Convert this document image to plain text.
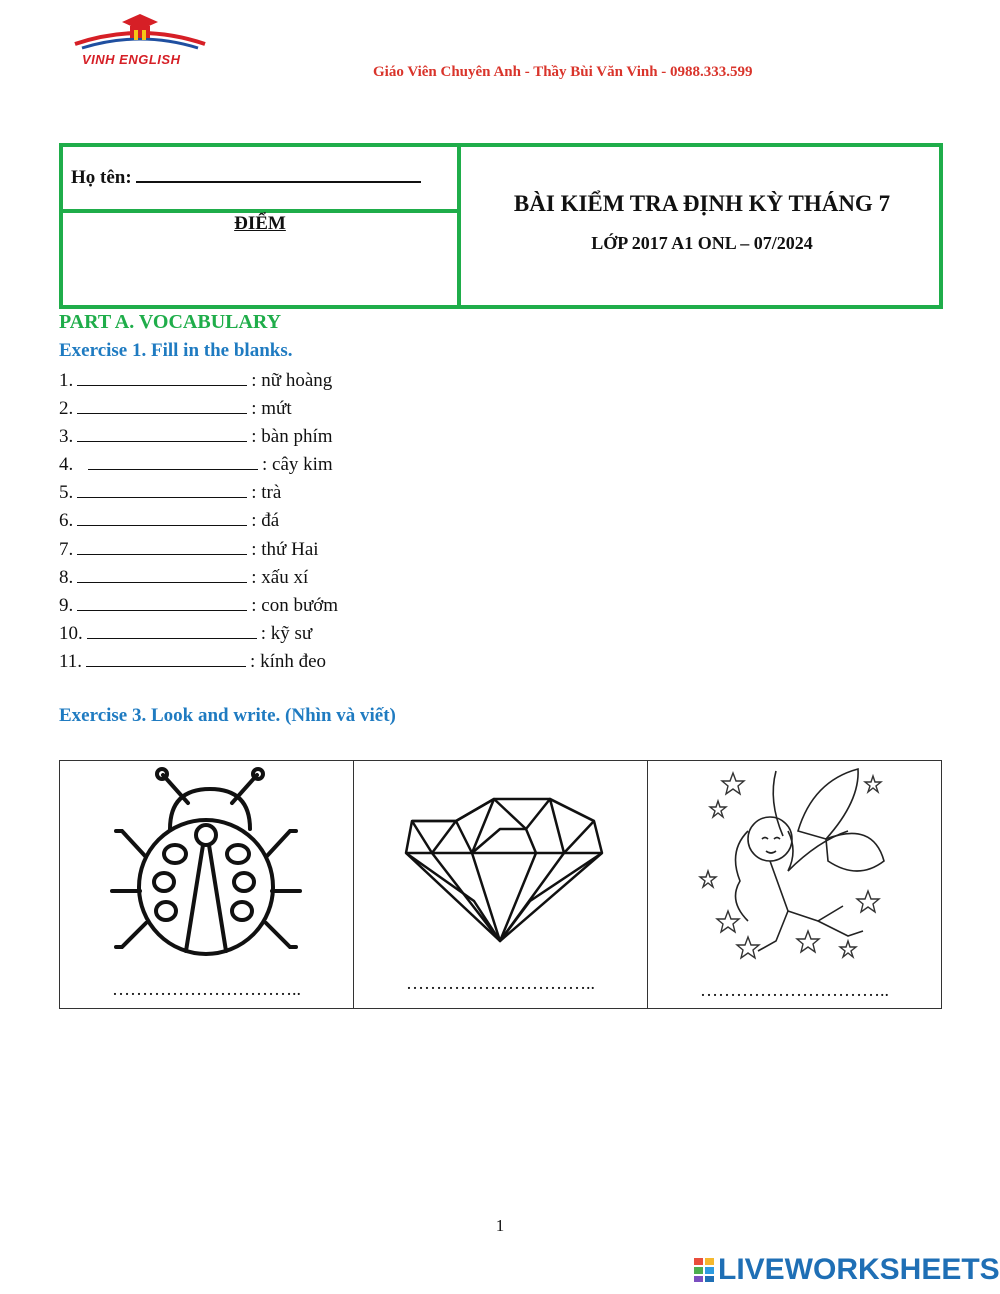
VINH ENGLISH
Giáo Viên Chuyên Anh - Thầy Bùi Văn Vinh - 0988.333.599
Họ tên:
ĐIỂM
BÀI KIỂM TRA ĐỊNH KỲ THÁNG 7
LỚP 2017 A1 ONL – 07/2024
PART A. VOCABULARY
Exercise 1. Fill in the blanks.
1.	: nữ hoàng
2.	: mứt
3.	: bàn phím
4.	: cây kim
5.	: trà
6.	: đá
7.	: thứ Hai
8.	: xấu xí
9.	: con bướm
10.	: kỹ sư
11.	: kính đeo
Exercise 3. Look and write. (Nhìn và viết)
…………………………..	…………………………..	…………………………..
1
LIVEWORKSHEETS
